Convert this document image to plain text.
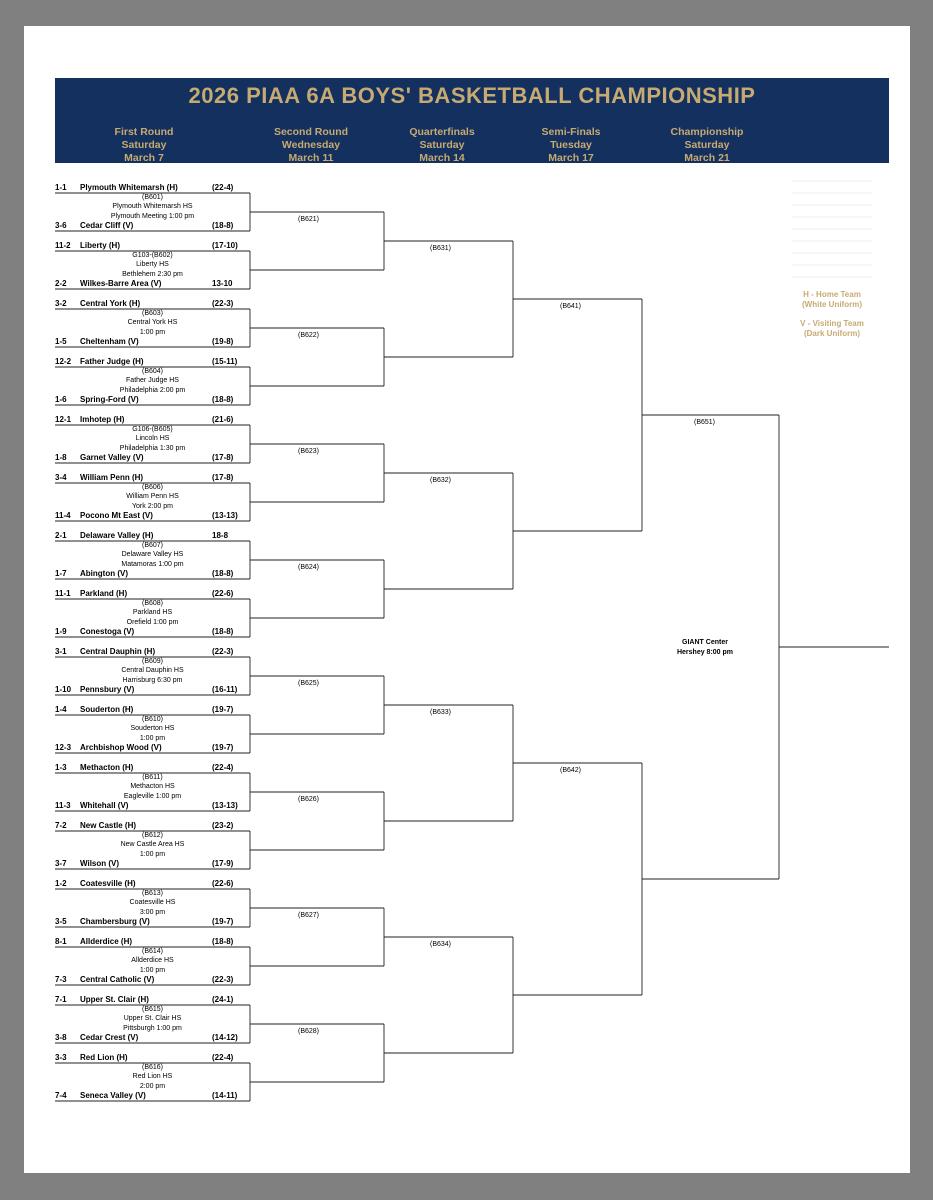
2026 PIAA 6A BOYS' BASKETBALL CHAMPIONSHIP
First Round
Saturday
March 7
Second Round
Wednesday
March 11
Quarterfinals
Saturday
March 14
Semi-Finals
Tuesday
March 17
Championship
Saturday
March 21
1-1 Plymouth Whitemarsh (H)	(22-4)
3-6 Cedar Cliff (V)	(18-8)
(B601)
Plymouth Whitemarsh HS
Plymouth Meeting 1:00 pm
11-2 Liberty (H)	(17-10)
2-2 Wilkes-Barre Area (V)	13-10
G103-(B602)
Liberty HS
Bethlehem 2:30 pm
3-2 Central York (H)	(22-3)
1-5 Cheltenham (V)	(19-8)
(B603)
Central York HS
1:00 pm
12-2 Father Judge (H)	(15-11)
1-6 Spring-Ford (V)	(18-8)
(B604)
Father Judge HS
Philadelphia 2:00 pm
12-1 Imhotep (H)	(21-6)
1-8 Garnet Valley (V)	(17-8)
G106-(B605)
Lincoln HS
Philadelphia 1:30 pm
3-4 William Penn (H)	(17-8)
11-4 Pocono Mt East (V)	(13-13)
(B606)
William Penn HS
York 2:00 pm
2-1 Delaware Valley (H)	18-8
1-7 Abington (V)	(18-8)
(B607)
Delaware Valley HS
Matamoras 1:00 pm
11-1 Parkland (H)	(22-6)
1-9 Conestoga (V)	(18-8)
(B608)
Parkland HS
Orefield 1:00 pm
3-1 Central Dauphin (H)	(22-3)
1-10 Pennsbury (V)	(16-11)
(B609)
Central Dauphin HS
Harrisburg 6:30 pm
1-4 Souderton (H)	(19-7)
12-3 Archbishop Wood (V)	(19-7)
(B610)
Souderton HS
1:00 pm
1-3 Methacton (H)	(22-4)
11-3 Whitehall (V)	(13-13)
(B611)
Methacton HS
Eagleville 1:00 pm
7-2 New Castle (H)	(23-2)
3-7 Wilson (V)	(17-9)
(B612)
New Castle Area HS
1:00 pm
1-2 Coatesville (H)	(22-6)
3-5 Chambersburg (V)	(19-7)
(B613)
Coatesville HS
3:00 pm
8-1 Allderdice (H)	(18-8)
7-3 Central Catholic (V)	(22-3)
(B614)
Allderdice HS
1:00 pm
7-1 Upper St. Clair (H)	(24-1)
3-8 Cedar Crest (V)	(14-12)
(B615)
Upper St. Clair HS
Pittsburgh 1:00 pm
3-3 Red Lion (H)	(22-4)
7-4 Seneca Valley (V)	(14-11)
(B616)
Red Lion HS
2:00 pm
(B621)
(B622)
(B623)
(B624)
(B625)
(B626)
(B627)
(B628)
(B631)
(B632)
(B633)
(B634)
(B641)
(B642)
(B651)
GIANT Center
Hershey 8:00 pm
H - Home Team
(White Uniform)
V - Visiting Team
(Dark Uniform)
